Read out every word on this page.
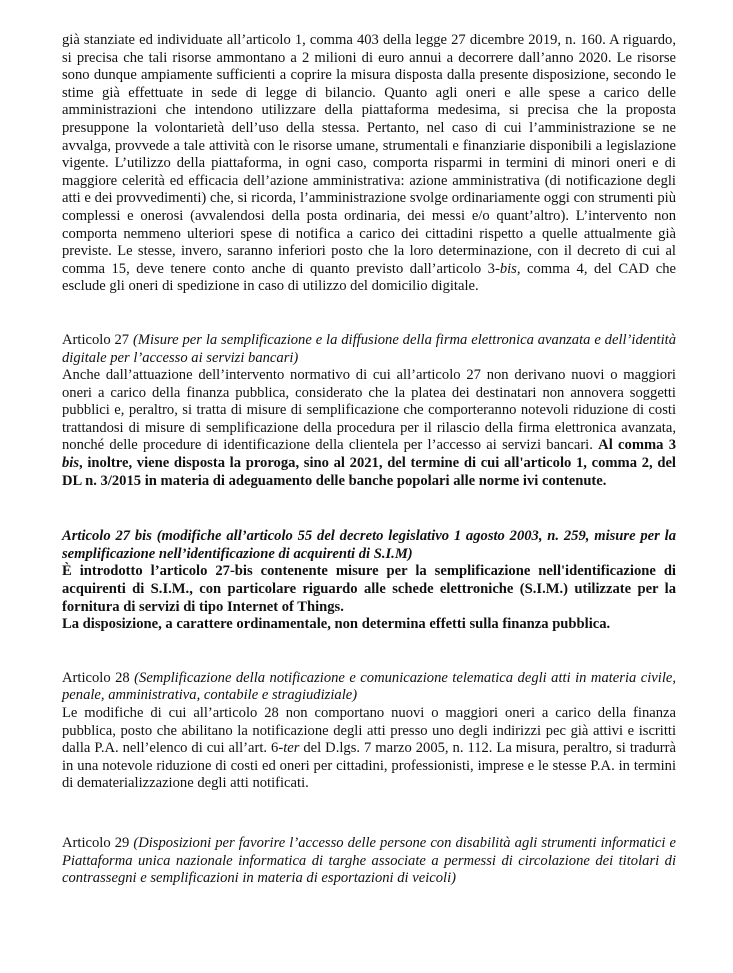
già stanziate ed individuate all’articolo 1, comma 403 della legge 27 dicembre 2019, n. 160. A riguardo, si precisa che tali risorse ammontano a 2 milioni di euro annui a decorrere dall’anno 2020. Le risorse sono dunque ampiamente sufficienti a coprire la misura disposta dalla presente disposizione, secondo le stime già effettuate in sede di legge di bilancio. Quanto agli oneri e alle spese a carico delle amministrazioni che intendono utilizzare della piattaforma medesima, si precisa che la proposta presuppone la volontarietà dell’uso della stessa. Pertanto, nel caso di cui l’amministrazione se ne avvalga, provvede a tale attività con le risorse umane, strumentali e finanziarie disponibili a legislazione vigente. L’utilizzo della piattaforma, in ogni caso, comporta risparmi in termini di minori oneri e di maggiore celerità ed efficacia dell’azione amministrativa: azione amministrativa (di notificazione degli atti e dei provvedimenti) che, si ricorda, l’amministrazione svolge ordinariamente oggi con strumenti più complessi e onerosi (avvalendosi della posta ordinaria, dei messi e/o quant’altro). L’intervento non comporta nemmeno ulteriori spese di notifica a carico dei cittadini rispetto a quelle attualmente già previste. Le stesse, invero, saranno inferiori posto che la loro determinazione, con il decreto di cui al comma 15, deve tenere conto anche di quanto previsto dall’articolo 3-bis, comma 4, del CAD che esclude gli oneri di spedizione in caso di utilizzo del domicilio digitale.

Articolo 27 (Misure per la semplificazione e la diffusione della firma elettronica avanzata e dell’identità digitale per l’accesso ai servizi bancari)

Anche dall’attuazione dell’intervento normativo di cui all’articolo 27 non derivano nuovi o maggiori oneri a carico della finanza pubblica, considerato che la platea dei destinatari non annovera soggetti pubblici e, peraltro, si tratta di misure di semplificazione che comporteranno notevoli riduzione di costi trattandosi di misure di semplificazione della procedura per il rilascio della firma elettronica avanzata, nonché delle procedure di identificazione della clientela per l’accesso ai servizi bancari. Al comma 3 bis, inoltre, viene disposta la proroga, sino al 2021, del termine di cui all'articolo 1, comma 2, del DL n. 3/2015 in materia di adeguamento delle banche popolari alle norme ivi contenute.

Articolo 27 bis (modifiche all’articolo 55 del decreto legislativo 1 agosto 2003, n. 259, misure per la semplificazione nell’identificazione di acquirenti di S.I.M)

È introdotto l’articolo 27-bis contenente misure per la semplificazione nell'identificazione di acquirenti di S.I.M., con particolare riguardo alle schede elettroniche (S.I.M.) utilizzate per la fornitura di servizi di tipo Internet of Things.

La disposizione, a carattere ordinamentale, non determina effetti sulla finanza pubblica.

Articolo 28 (Semplificazione della notificazione e comunicazione telematica degli atti in materia civile, penale, amministrativa, contabile e stragiudiziale)

Le modifiche di cui all’articolo 28 non comportano nuovi o maggiori oneri a carico della finanza pubblica, posto che abilitano la notificazione degli atti presso uno degli indirizzi pec già attivi e iscritti dalla P.A. nell’elenco di cui all’art. 6-ter del D.lgs. 7 marzo 2005, n. 112. La misura, peraltro, si tradurrà in una notevole riduzione di costi ed oneri per cittadini, professionisti, imprese e le stesse P.A. in termini di dematerializzazione degli atti notificati.

Articolo 29 (Disposizioni per favorire l’accesso delle persone con disabilità agli strumenti informatici e Piattaforma unica nazionale informatica di targhe associate a permessi di circolazione dei titolari di contrassegni e semplificazioni in materia di esportazioni di veicoli)
